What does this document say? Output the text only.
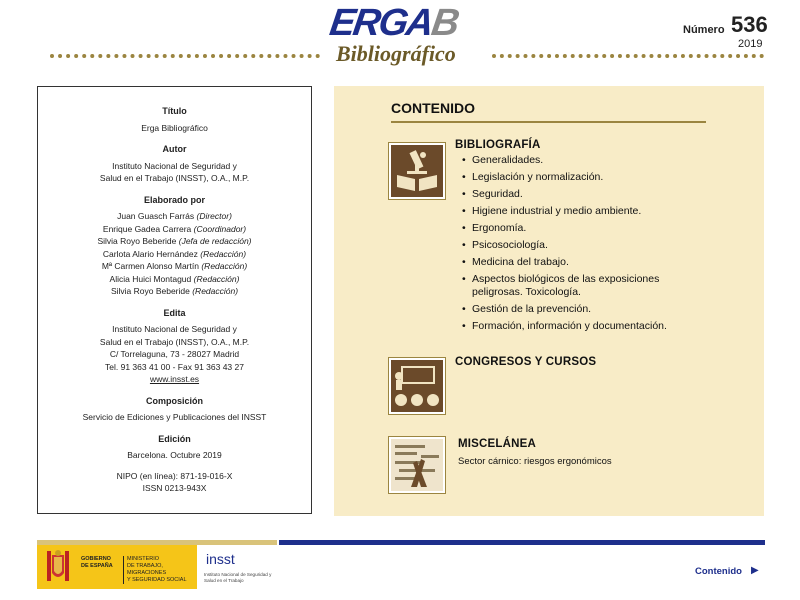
ERGAB
Bibliográfico
Número 536
2019
Título
Erga Bibliográfico
Autor
Instituto Nacional de Seguridad y
Salud en el Trabajo (INSST), O.A., M.P.
Elaborado por
Juan Guasch Farrás (Director)
Enrique Gadea Carrera (Coordinador)
Silvia Royo Beberide (Jefa de redacción)
Carlota Alario Hernández (Redacción)
Mª Carmen Alonso Martín (Redacción)
Alicia Huici Montagud (Redacción)
Silvia Royo Beberide (Redacción)
Edita
Instituto Nacional de Seguridad y
Salud en el Trabajo (INSST), O.A., M.P.
C/ Torrelaguna, 73 - 28027 Madrid
Tel. 91 363 41 00 - Fax 91 363 43 27
www.insst.es
Composición
Servicio de Ediciones y Publicaciones del INSST
Edición
Barcelona. Octubre 2019
NIPO (en línea): 871-19-016-X
ISSN 0213-943X
CONTENIDO
BIBLIOGRAFÍA
• Generalidades.
• Legislación y normalización.
• Seguridad.
• Higiene industrial y medio ambiente.
• Ergonomía.
• Psicosociología.
• Medicina del trabajo.
• Aspectos biológicos de las exposiciones peligrosas. Toxicología.
• Gestión de la prevención.
• Formación, información y documentación.
CONGRESOS Y CURSOS
MISCELÁNEA
Sector cárnico: riesgos ergonómicos
GOBIERNO
DE ESPAÑA
MINISTERIO
DE TRABAJO, MIGRACIONES
Y SEGURIDAD SOCIAL
insst
Instituto Nacional de Seguridad y Salud en el Trabajo
Contenido ▶
